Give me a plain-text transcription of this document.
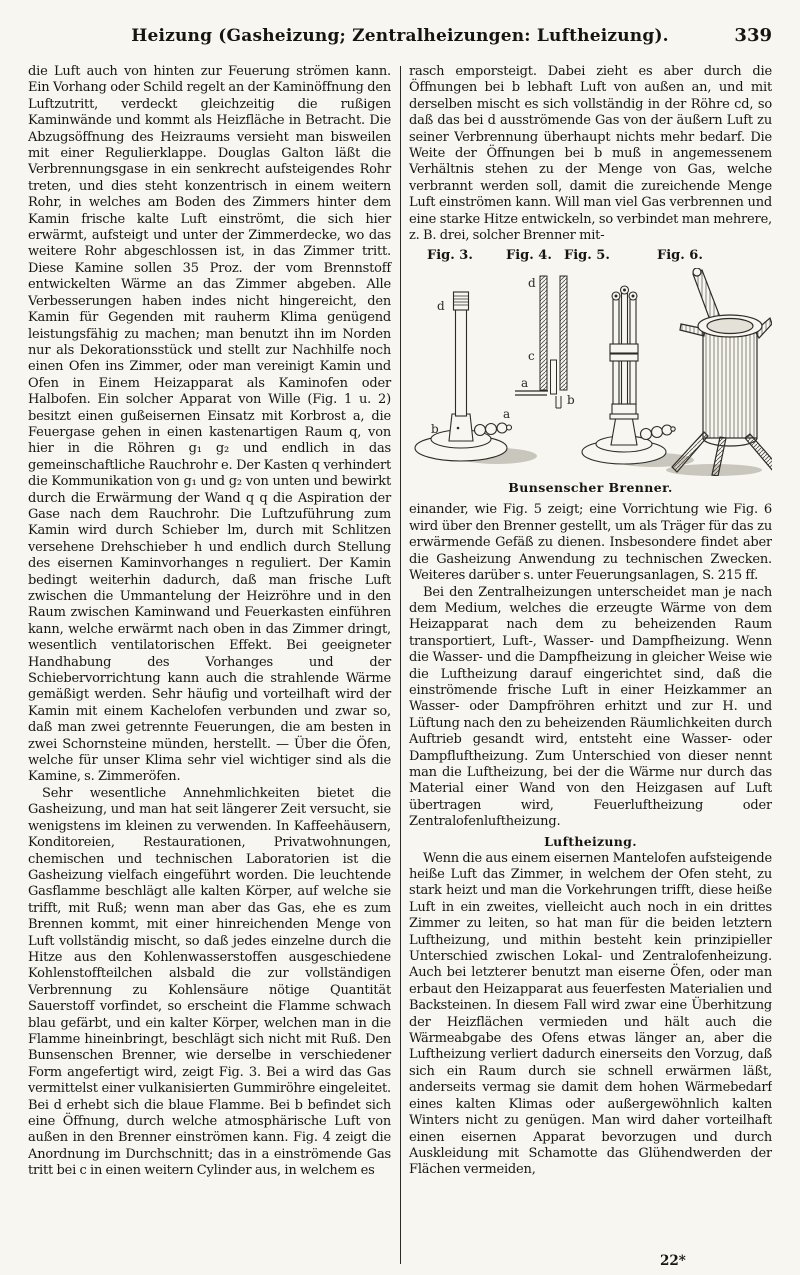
Heizung (Gasheizung; Zentralheizungen: Luftheizung).	339

die Luft auch von hinten zur Feuerung strömen kann. Ein Vorhang oder Schild regelt an der Kaminöffnung den Luftzutritt, verdeckt gleichzeitig die rußigen Kaminwände und kommt als Heizfläche in Betracht. Die Abzugsöffnung des Heizraums versieht man bisweilen mit einer Regulierklappe. Douglas Galton läßt die Verbrennungsgase in ein senkrecht aufsteigendes Rohr treten, und dies steht konzentrisch in einem weitern Rohr, in welches am Boden des Zimmers hinter dem Kamin frische kalte Luft einströmt, die sich hier erwärmt, aufsteigt und unter der Zimmerdecke, wo das weitere Rohr abgeschlossen ist, in das Zimmer tritt. Diese Kamine sollen 35 Proz. der vom Brennstoff entwickelten Wärme an das Zimmer abgeben. Alle Verbesserungen haben indes nicht hingereicht, den Kamin für Gegenden mit rauherm Klima genügend leistungsfähig zu machen; man benutzt ihn im Norden nur als Dekorationsstück und stellt zur Nachhilfe noch einen Ofen ins Zimmer, oder man vereinigt Kamin und Ofen in Einem Heizapparat als Kaminofen oder Halbofen. Ein solcher Apparat von Wille (Fig. 1 u. 2) besitzt einen gußeisernen Einsatz mit Korbrost a, die Feuergase gehen in einen kastenartigen Raum q, von hier in die Röhren g₁ g₂ und endlich in das gemeinschaftliche Rauchrohr e. Der Kasten q verhindert die Kommunikation von g₁ und g₂ von unten und bewirkt durch die Erwärmung der Wand q q die Aspiration der Gase nach dem Rauchrohr. Die Luftzuführung zum Kamin wird durch Schieber lm, durch mit Schlitzen versehene Drehschieber h und endlich durch Stellung des eisernen Kaminvorhanges n reguliert. Der Kamin bedingt weiterhin dadurch, daß man frische Luft zwischen die Ummantelung der Heizröhre und in den Raum zwischen Kaminwand und Feuerkasten einführen kann, welche erwärmt nach oben in das Zimmer dringt, wesentlich ventilatorischen Effekt. Bei geeigneter Handhabung des Vorhanges und der Schiebervorrichtung kann auch die strahlende Wärme gemäßigt werden. Sehr häufig und vorteilhaft wird der Kamin mit einem Kachelofen verbunden und zwar so, daß man zwei getrennte Feuerungen, die am besten in zwei Schornsteine münden, herstellt. — Über die Öfen, welche für unser Klima sehr viel wichtiger sind als die Kamine, s. Zimmeröfen.

Sehr wesentliche Annehmlichkeiten bietet die Gasheizung, und man hat seit längerer Zeit versucht, sie wenigstens im kleinen zu verwenden. In Kaffeehäusern, Konditoreien, Restaurationen, Privatwohnungen, chemischen und technischen Laboratorien ist die Gasheizung vielfach eingeführt worden. Die leuchtende Gasflamme beschlägt alle kalten Körper, auf welche sie trifft, mit Ruß; wenn man aber das Gas, ehe es zum Brennen kommt, mit einer hinreichenden Menge von Luft vollständig mischt, so daß jedes einzelne durch die Hitze aus den Kohlenwasserstoffen ausgeschiedene Kohlenstoffteilchen alsbald die zur vollständigen Verbrennung zu Kohlensäure nötige Quantität Sauerstoff vorfindet, so erscheint die Flamme schwach blau gefärbt, und ein kalter Körper, welchen man in die Flamme hineinbringt, beschlägt sich nicht mit Ruß. Den Bunsenschen Brenner, wie derselbe in verschiedener Form angefertigt wird, zeigt Fig. 3. Bei a wird das Gas vermittelst einer vulkanisierten Gummiröhre eingeleitet. Bei d erhebt sich die blaue Flamme. Bei b befindet sich eine Öffnung, durch welche atmosphärische Luft von außen in den Brenner einströmen kann. Fig. 4 zeigt die Anordnung im Durchschnitt; das in a einströmende Gas tritt bei c in einen weitern Cylinder aus, in welchem es

rasch emporsteigt. Dabei zieht es aber durch die Öffnungen bei b lebhaft Luft von außen an, und mit derselben mischt es sich vollständig in der Röhre cd, so daß das bei d ausströmende Gas von der äußern Luft zu seiner Verbrennung überhaupt nichts mehr bedarf. Die Weite der Öffnungen bei b muß in angemessenem Verhältnis stehen zu der Menge von Gas, welche verbrannt werden soll, damit die zureichende Menge Luft einströmen kann. Will man viel Gas verbrennen und eine starke Hitze entwickeln, so verbindet man mehrere, z. B. drei, solcher Brenner mit-

Fig. 3.	Fig. 4. Fig. 5.	Fig. 6.
d
b
a
d
c
a
b
Bunsenscher Brenner.

einander, wie Fig. 5 zeigt; eine Vorrichtung wie Fig. 6 wird über den Brenner gestellt, um als Träger für das zu erwärmende Gefäß zu dienen. Insbesondere findet aber die Gasheizung Anwendung zu technischen Zwecken. Weiteres darüber s. unter Feuerungsanlagen, S. 215 ff.

Bei den Zentralheizungen unterscheidet man je nach dem Medium, welches die erzeugte Wärme von dem Heizapparat nach dem zu beheizenden Raum transportiert, Luft-, Wasser- und Dampfheizung. Wenn die Wasser- und die Dampfheizung in gleicher Weise wie die Luftheizung darauf eingerichtet sind, daß die einströmende frische Luft in einer Heizkammer an Wasser- oder Dampfröhren erhitzt und zur H. und Lüftung nach den zu beheizenden Räumlichkeiten durch Auftrieb gesandt wird, entsteht eine Wasser- oder Dampfluftheizung. Zum Unterschied von dieser nennt man die Luftheizung, bei der die Wärme nur durch das Material einer Wand von den Heizgasen auf Luft übertragen wird, Feuerluftheizung oder Zentralofenluftheizung.

Luftheizung.

Wenn die aus einem eisernen Mantelofen aufsteigende heiße Luft das Zimmer, in welchem der Ofen steht, zu stark heizt und man die Vorkehrungen trifft, diese heiße Luft in ein zweites, vielleicht auch noch in ein drittes Zimmer zu leiten, so hat man für die beiden letztern Luftheizung, und mithin besteht kein prinzipieller Unterschied zwischen Lokal- und Zentralofenheizung. Auch bei letzterer benutzt man eiserne Öfen, oder man erbaut den Heizapparat aus feuerfesten Materialien und Backsteinen. In diesem Fall wird zwar eine Überhitzung der Heizflächen vermieden und hält auch die Wärmeabgabe des Ofens etwas länger an, aber die Luftheizung verliert dadurch einerseits den Vorzug, daß sich ein Raum durch sie schnell erwärmen läßt, anderseits vermag sie damit dem hohen Wärmebedarf eines kalten Klimas oder außergewöhnlich kalten Winters nicht zu genügen. Man wird daher vorteilhaft einen eisernen Apparat bevorzugen und durch Auskleidung mit Schamotte das Glühendwerden der Flächen vermeiden,

22*
